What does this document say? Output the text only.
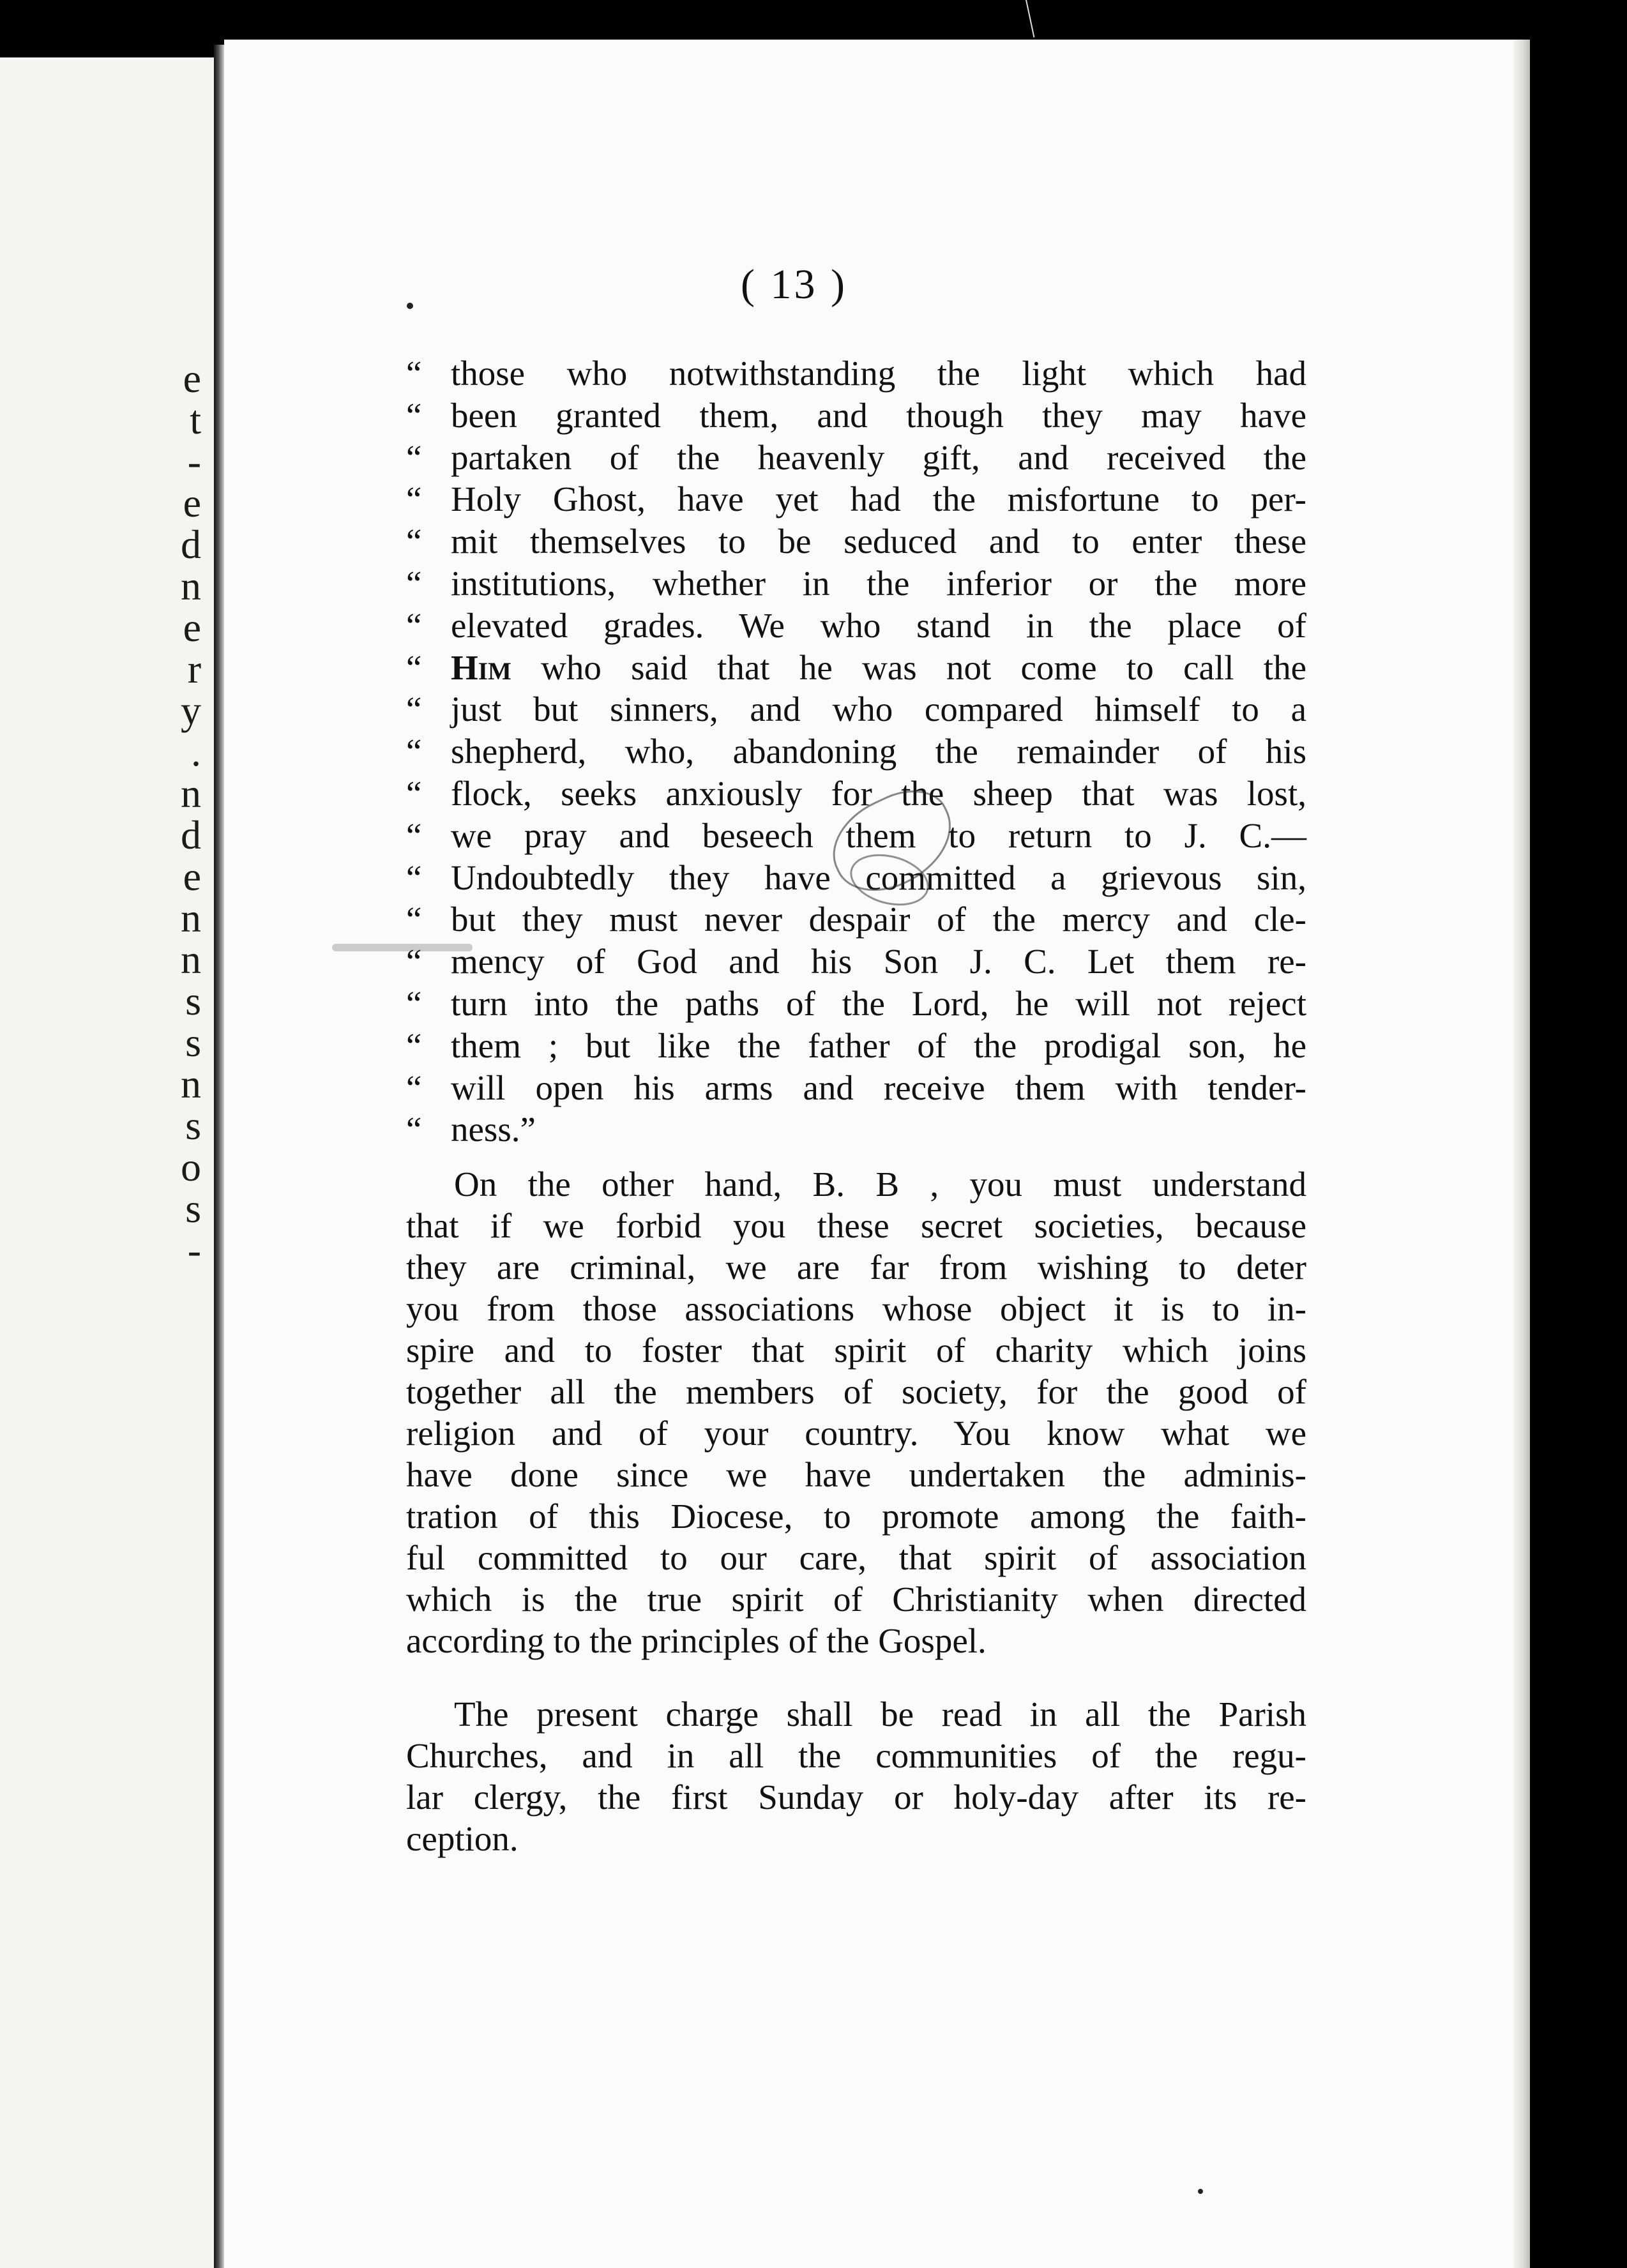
e
t
-
e
d
n
e
r
y
.
n
d
e
n
n
s
s
n
s
o
s
-
( 13 )
“ those who notwithstanding the light which had
“ been granted them, and though they may have
“ partaken of the heavenly gift, and received the
“ Holy Ghost, have yet had the misfortune to per-
“ mit themselves to be seduced and to enter these
“ institutions, whether in the inferior or the more
“ elevated grades. We who stand in the place of
“ Him who said that he was not come to call the
“ just but sinners, and who compared himself to a
“ shepherd, who, abandoning the remainder of his
“ flock, seeks anxiously for the sheep that was lost,
“ we pray and beseech them to return to J. C.—
“ Undoubtedly they have committed a grievous sin,
“ but they must never despair of the mercy and cle-
“ mency of God and his Son J. C. Let them re-
“ turn into the paths of the Lord, he will not reject
“ them ; but like the father of the prodigal son, he
“ will open his arms and receive them with tender-
“ ness.”
On the other hand, B. B , you must understand
that if we forbid you these secret societies, because
they are criminal, we are far from wishing to deter
you from those associations whose object it is to in-
spire and to foster that spirit of charity which joins
together all the members of society, for the good of
religion and of your country. You know what we
have done since we have undertaken the adminis-
tration of this Diocese, to promote among the faith-
ful committed to our care, that spirit of association
which is the true spirit of Christianity when directed
according to the principles of the Gospel.
The present charge shall be read in all the Parish
Churches, and in all the communities of the regu-
lar clergy, the first Sunday or holy-day after its re-
ception.
